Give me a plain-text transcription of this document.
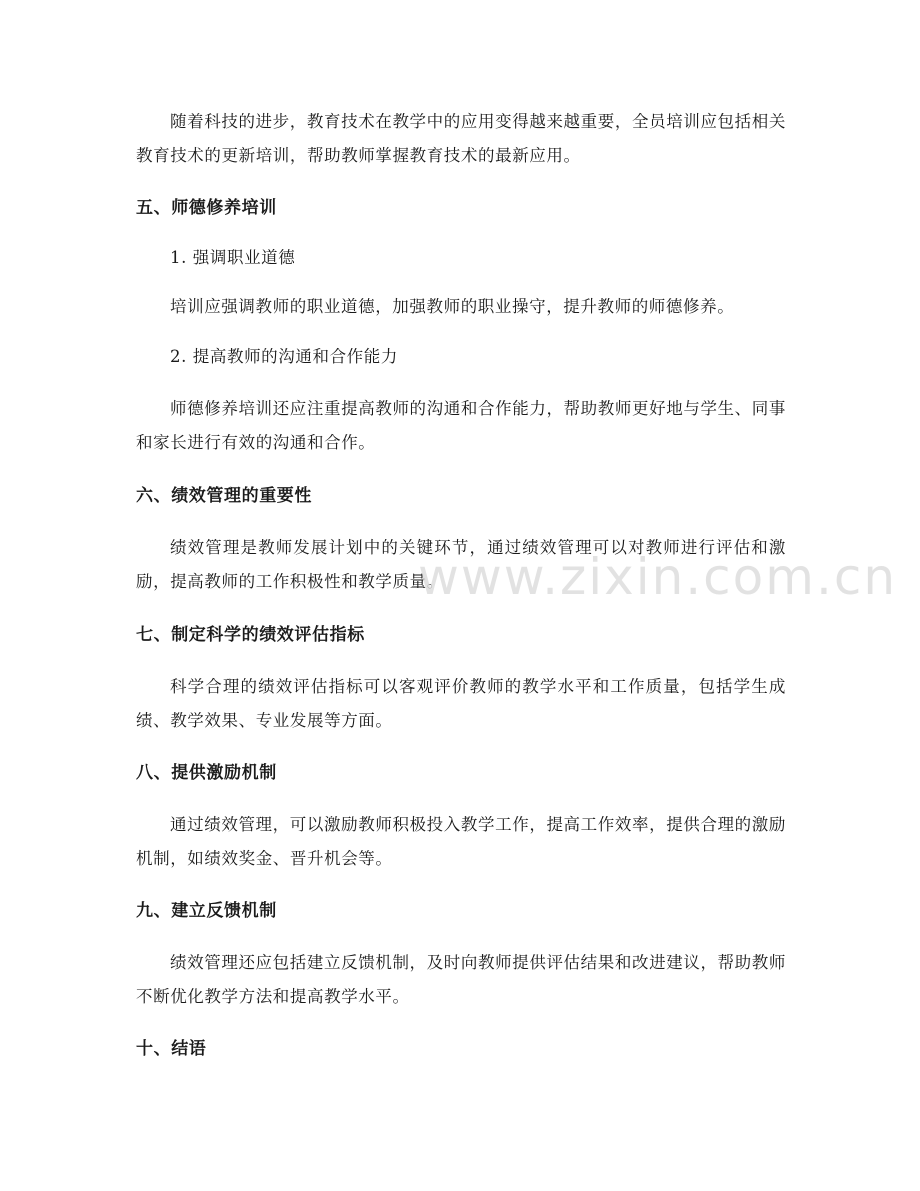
随着科技的进步，教育技术在教学中的应用变得越来越重要，全员培训应包括相关教育技术的更新培训，帮助教师掌握教育技术的最新应用。

五、师德修养培训

1. 强调职业道德

培训应强调教师的职业道德，加强教师的职业操守，提升教师的师德修养。

2. 提高教师的沟通和合作能力

师德修养培训还应注重提高教师的沟通和合作能力，帮助教师更好地与学生、同事和家长进行有效的沟通和合作。

六、绩效管理的重要性

绩效管理是教师发展计划中的关键环节，通过绩效管理可以对教师进行评估和激励，提高教师的工作积极性和教学质量。

七、制定科学的绩效评估指标

科学合理的绩效评估指标可以客观评价教师的教学水平和工作质量，包括学生成绩、教学效果、专业发展等方面。

八、提供激励机制

通过绩效管理，可以激励教师积极投入教学工作，提高工作效率，提供合理的激励机制，如绩效奖金、晋升机会等。

九、建立反馈机制

绩效管理还应包括建立反馈机制，及时向教师提供评估结果和改进建议，帮助教师不断优化教学方法和提高教学水平。

十、结语
www.zixin.com.cn
